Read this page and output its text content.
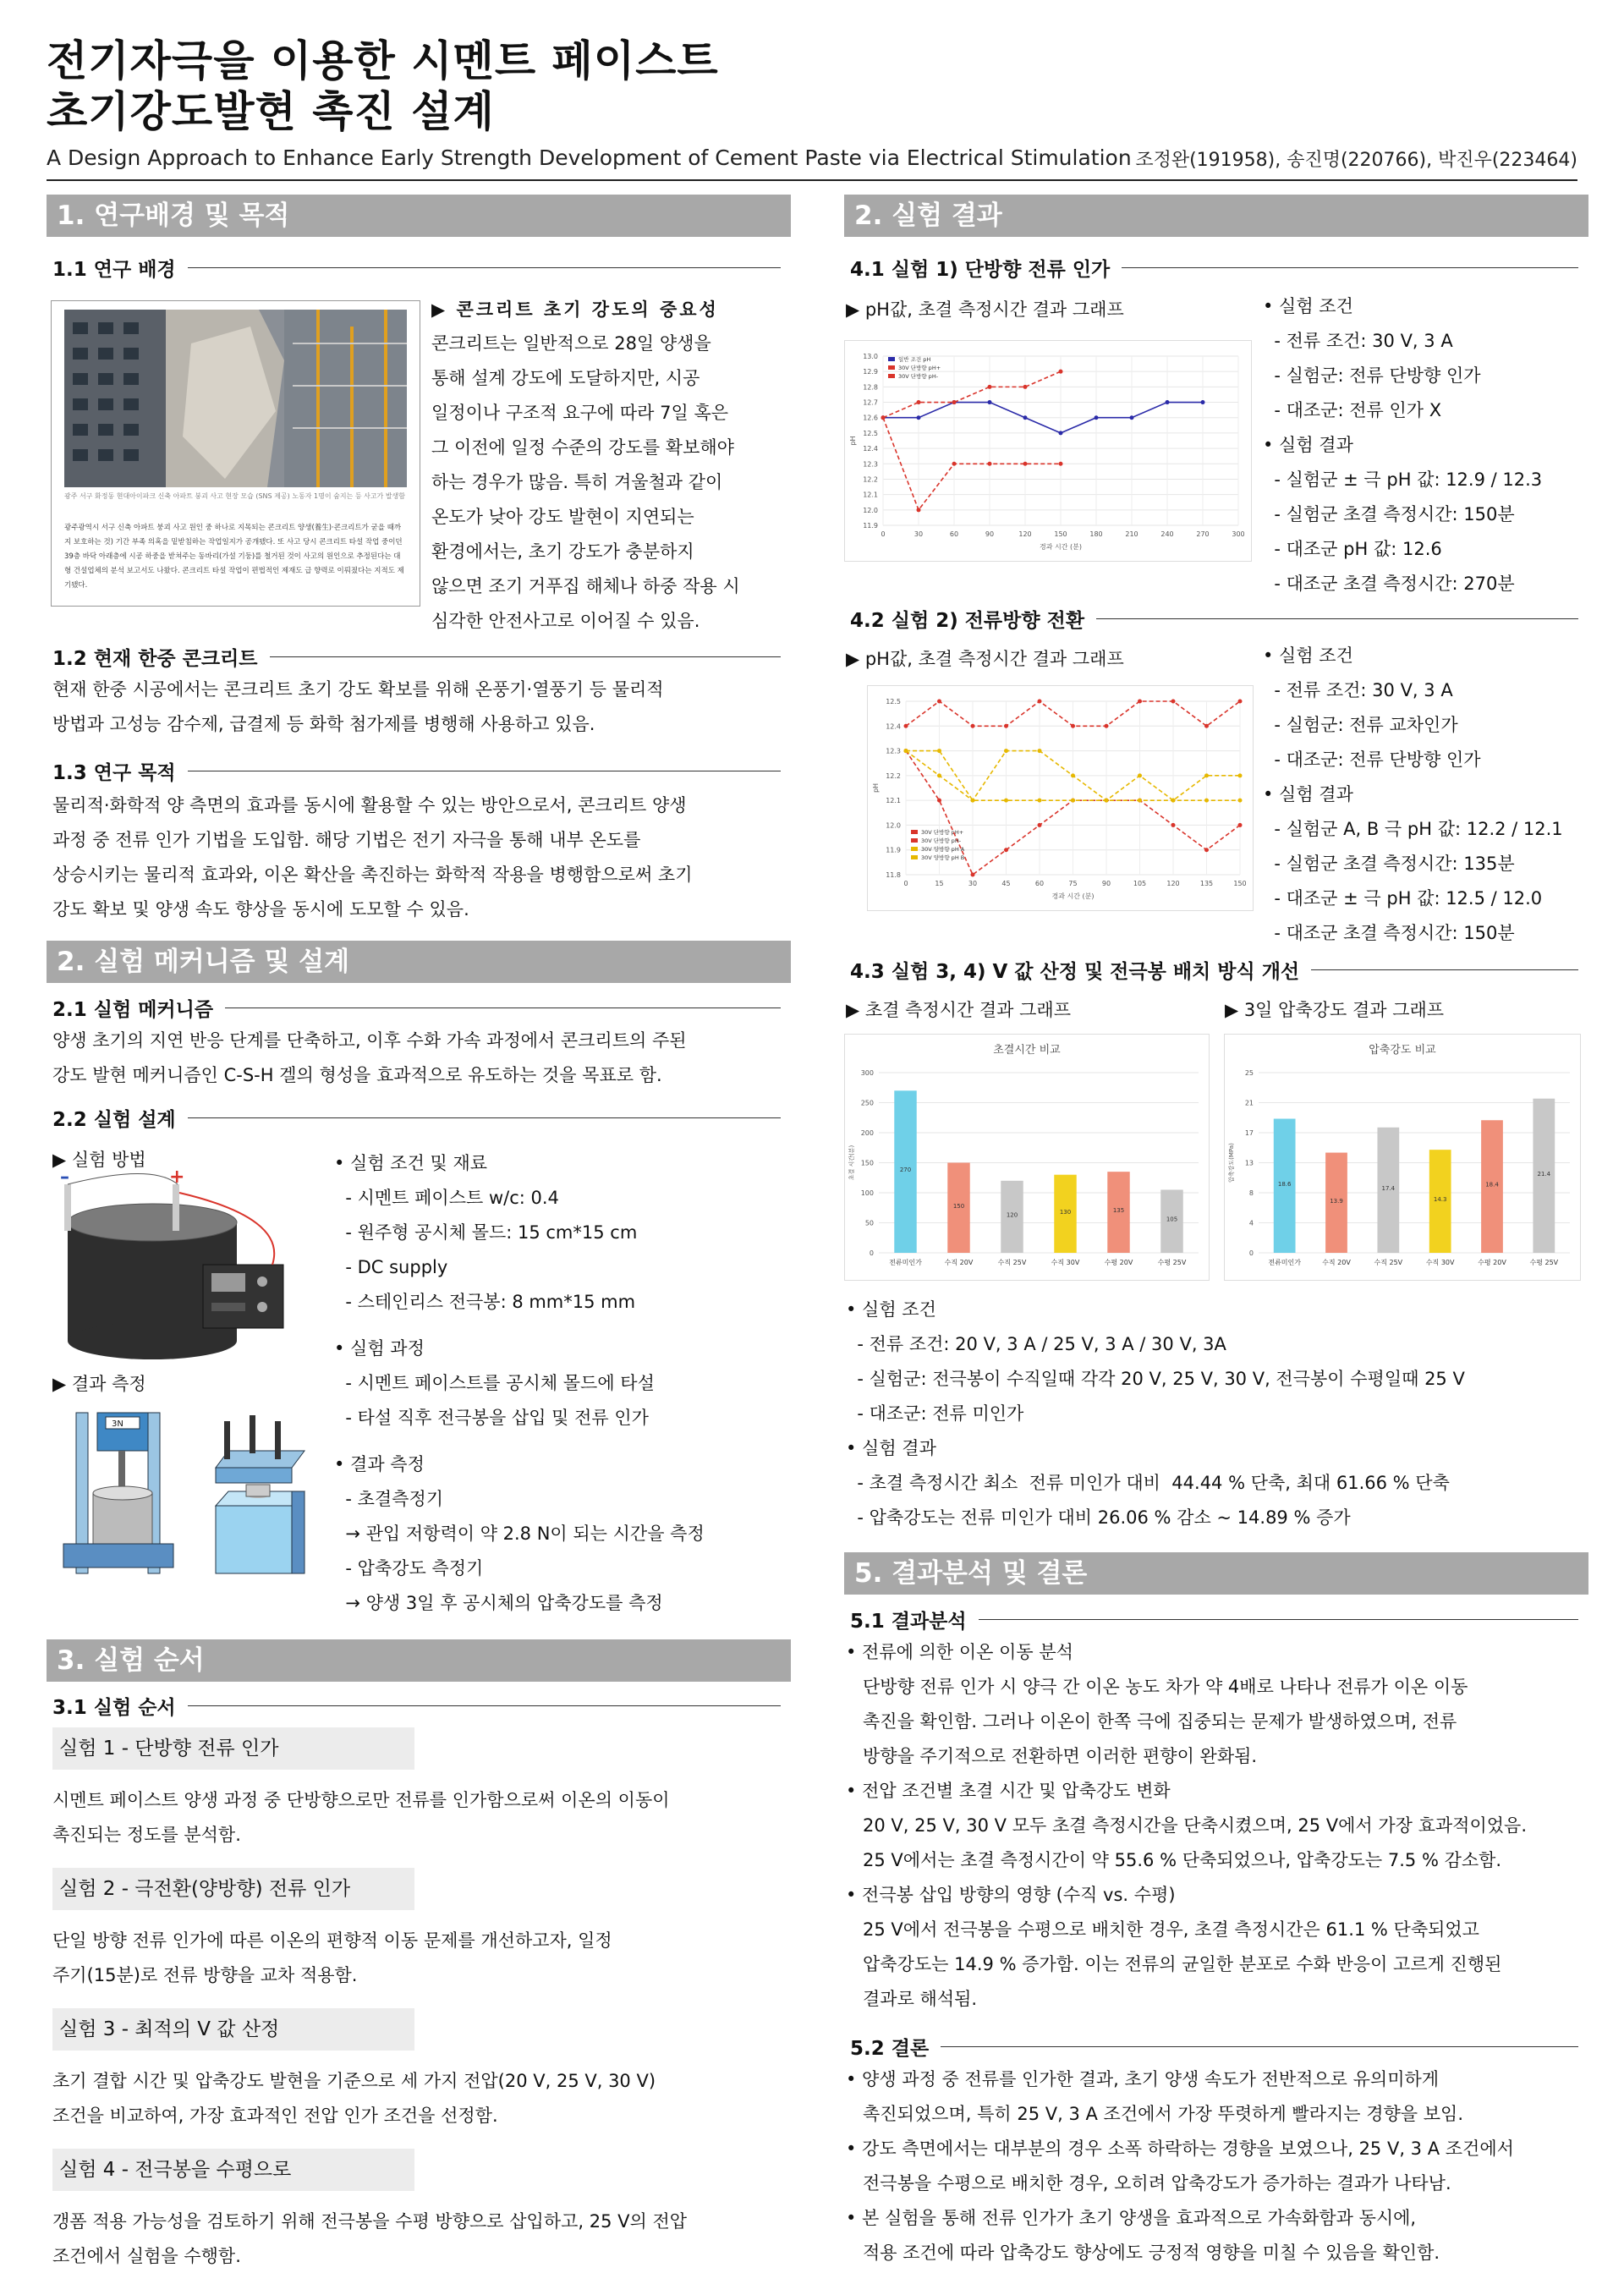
전기자극을 이용한 시멘트 페이스트
초기강도발현 촉진 설계
A Design Approach to Enhance Early Strength Development of Cement Paste via Electrical Stimulation 조정완(191958), 송진명(220766), 박진우(223464)
1. 연구배경 및 목적
1.1 연구 배경
광주 서구 화정동 현대아이파크 신축 아파트 붕괴 사고 현장 모습 (SNS 제공) 노동자 1명이 숨지는 등 사고가 발생함
광주광역시 서구 신축 아파트 붕괴 사고 원인 중 하나로 지목되는 콘크리트 양생(養生)·콘크리트가 굳을 때까지 보호하는 것) 기간 부족 의혹을 밑받침하는 작업일지가 공개됐다. 또 사고 당시 콘크리트 타설 작업 중이던 39층 바닥 아래층에 시공 하중을 받쳐주는 동바리(가설 기둥)를 철거된 것이 사고의 원인으로 추정된다는 대형 건설업체의 분석 보고서도 나왔다. 콘크리트 타설 작업이 편법적인 제재도 급 향력로 이뤄졌다는 지적도 제기됐다.
▶ 콘크리트 초기 강도의 중요성
콘크리트는 일반적으로 28일 양생을
통해 설계 강도에 도달하지만, 시공
일정이나 구조적 요구에 따라 7일 혹은
그 이전에 일정 수준의 강도를 확보해야
하는 경우가 많음. 특히 겨울철과 같이
온도가 낮아 강도 발현이 지연되는
환경에서는, 초기 강도가 충분하지
않으면 조기 거푸집 해체나 하중 작용 시
심각한 안전사고로 이어질 수 있음.
1.2 현재 한중 콘크리트
현재 한중 시공에서는 콘크리트 초기 강도 확보를 위해 온풍기·열풍기 등 물리적
방법과 고성능 감수제, 급결제 등 화학 첨가제를 병행해 사용하고 있음.
1.3 연구 목적
물리적·화학적 양 측면의 효과를 동시에 활용할 수 있는 방안으로서, 콘크리트 양생
과정 중 전류 인가 기법을 도입함. 해당 기법은 전기 자극을 통해 내부 온도를
상승시키는 물리적 효과와, 이온 확산을 촉진하는 화학적 작용을 병행함으로써 초기
강도 확보 및 양생 속도 향상을 동시에 도모할 수 있음.
2. 실험 메커니즘 및 설계
2.1 실험 메커니즘
양생 초기의 지연 반응 단계를 단축하고, 이후 수화 가속 과정에서 콘크리트의 주된
강도 발현 메커니즘인 C-S-H 겔의 형성을 효과적으로 유도하는 것을 목표로 함.
2.2 실험 설계
▶ 실험 방법
▶ 결과 측정
–	+
3N
• 실험 조건 및 재료
- 시멘트 페이스트 w/c: 0.4
- 원주형 공시체 몰드: 15 cm*15 cm
- DC supply
- 스테인리스 전극봉: 8 mm*15 mm

• 실험 과정
- 시멘트 페이스트를 공시체 몰드에 타설
- 타설 직후 전극봉을 삽입 및 전류 인가

• 결과 측정
- 초결측정기
→ 관입 저항력이 약 2.8 N이 되는 시간을 측정
- 압축강도 측정기
→ 양생 3일 후 공시체의 압축강도를 측정
3. 실험 순서
3.1 실험 순서
실험 1 - 단방향 전류 인가
시멘트 페이스트 양생 과정 중 단방향으로만 전류를 인가함으로써 이온의 이동이
촉진되는 정도를 분석함.
실험 2 - 극전환(양방향) 전류 인가
단일 방향 전류 인가에 따른 이온의 편향적 이동 문제를 개선하고자, 일정
주기(15분)로 전류 방향을 교차 적용함.
실험 3 - 최적의 V 값 산정
초기 결합 시간 및 압축강도 발현을 기준으로 세 가지 전압(20 V, 25 V, 30 V)
조건을 비교하여, 가장 효과적인 전압 인가 조건을 선정함.
실험 4 - 전극봉을 수평으로
갱폼 적용 가능성을 검토하기 위해 전극봉을 수평 방향으로 삽입하고, 25 V의 전압
조건에서 실험을 수행함.
2. 실험 결과
4.1 실험 1) 단방향 전류 인가
▶ pH값, 초결 측정시간 결과 그래프
11.9
12.0
12.1
12.2
12.3
12.4
12.5
12.6
12.7
12.8
12.9
13.0
0	30	60	90	120	150	180	210	240	270	300
경과 시간 (분)
pH
일반 조건 pH
30V 단방향 pH+
30V 단방향 pH-
• 실험 조건
- 전류 조건: 30 V, 3 A
- 실험군: 전류 단방향 인가
- 대조군: 전류 인가 X
• 실험 결과
- 실험군 ± 극 pH 값: 12.9 / 12.3
- 실험군 초결 측정시간: 150분
- 대조군 pH 값: 12.6
- 대조군 초결 측정시간: 270분
4.2 실험 2) 전류방향 전환
▶ pH값, 초결 측정시간 결과 그래프
11.8
11.9
12.0
12.1
12.2
12.3
12.4
12.5
0	15	30	45	60	75	90	105	120	135	150
경과 시간 (분)
pH
30V 단방향 pH+
30V 단방향 pH-
30V 양방향 pH A
30V 양방향 pH B
• 실험 조건
- 전류 조건: 30 V, 3 A
- 실험군: 전류 교차인가
- 대조군: 전류 단방향 인가
• 실험 결과
- 실험군 A, B 극 pH 값: 12.2 / 12.1
- 실험군 초결 측정시간: 135분
- 대조군 ± 극 pH 값: 12.5 / 12.0
- 대조군 초결 측정시간: 150분
4.3 실험 3, 4) V 값 산정 및 전극봉 배치 방식 개선
▶ 초결 측정시간 결과 그래프	▶ 3일 압축강도 결과 그래프
초결시간 비교
0
50
100
150
200
250
300
초결 시간(분)	270
전류미인가
150
수직 20V
120
수직 25V
130
수직 30V
135
수평 20V
105
수평 25V
압축강도 비교
0
4
8
13
17
21
25
압축강도(MPa)
18.6
전류미인가
13.9
수직 20V
17.4
수직 25V
14.3
수직 30V
18.4
수평 20V
21.4
수평 25V
• 실험 조건
- 전류 조건: 20 V, 3 A / 25 V, 3 A / 30 V, 3A
- 실험군: 전극봉이 수직일때 각각 20 V, 25 V, 30 V, 전극봉이 수평일때 25 V
- 대조군: 전류 미인가
• 실험 결과
- 초결 측정시간 최소  전류 미인가 대비  44.44 % 단축, 최대 61.66 % 단축
- 압축강도는 전류 미인가 대비 26.06 % 감소 ~ 14.89 % 증가
5. 결과분석 및 결론
5.1 결과분석
• 전류에 의한 이온 이동 분석
단방향 전류 인가 시 양극 간 이온 농도 차가 약 4배로 나타나 전류가 이온 이동
촉진을 확인함. 그러나 이온이 한쪽 극에 집중되는 문제가 발생하였으며, 전류
방향을 주기적으로 전환하면 이러한 편향이 완화됨.
• 전압 조건별 초결 시간 및 압축강도 변화
20 V, 25 V, 30 V 모두 초결 측정시간을 단축시켰으며, 25 V에서 가장 효과적이었음.
25 V에서는 초결 측정시간이 약 55.6 % 단축되었으나, 압축강도는 7.5 % 감소함.
• 전극봉 삽입 방향의 영향 (수직 vs. 수평)
25 V에서 전극봉을 수평으로 배치한 경우, 초결 측정시간은 61.1 % 단축되었고
압축강도는 14.9 % 증가함. 이는 전류의 균일한 분포로 수화 반응이 고르게 진행된
결과로 해석됨.
5.2 결론
• 양생 과정 중 전류를 인가한 결과, 초기 양생 속도가 전반적으로 유의미하게
촉진되었으며, 특히 25 V, 3 A 조건에서 가장 뚜렷하게 빨라지는 경향을 보임.
• 강도 측면에서는 대부분의 경우 소폭 하락하는 경향을 보였으나, 25 V, 3 A 조건에서
전극봉을 수평으로 배치한 경우, 오히려 압축강도가 증가하는 결과가 나타남.
• 본 실험을 통해 전류 인가가 초기 양생을 효과적으로 가속화함과 동시에,
적용 조건에 따라 압축강도 향상에도 긍정적 영향을 미칠 수 있음을 확인함.
